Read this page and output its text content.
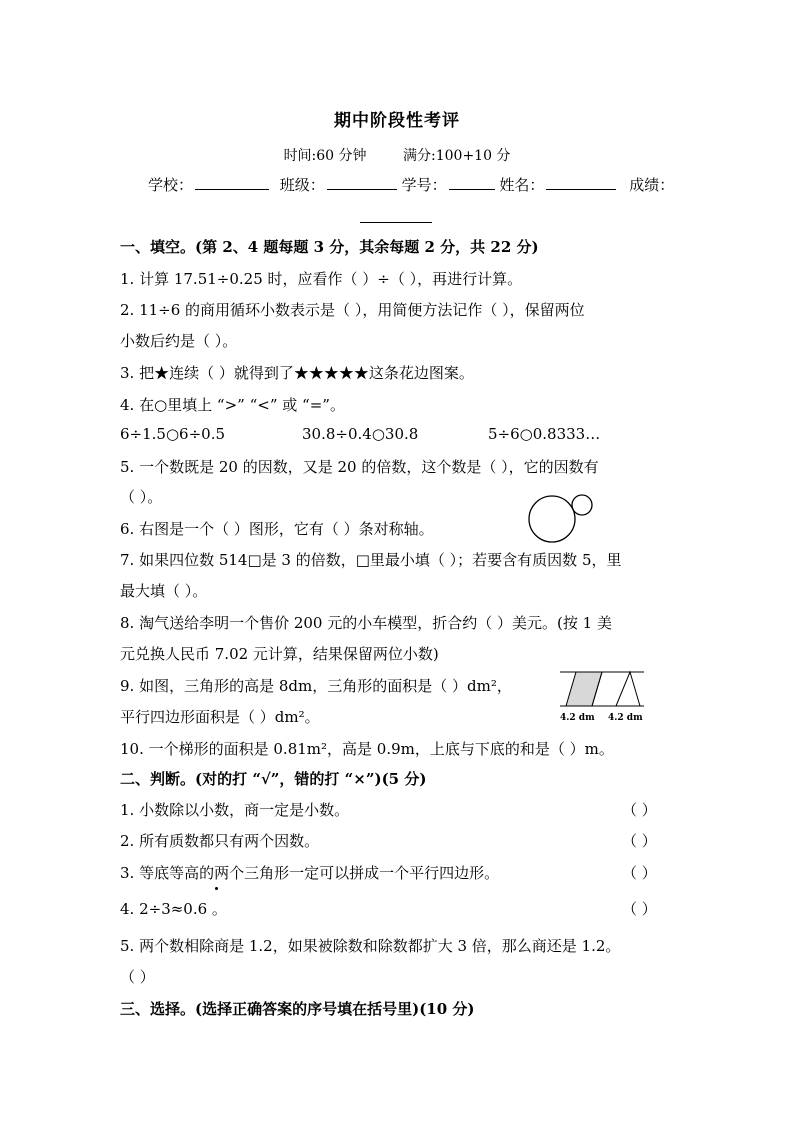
期中阶段性考评
时间:60 分钟	满分:100+10 分
学校：	班级：	学号：	姓名：	成绩：
一、填空。(第 2、4 题每题 3 分，其余每题 2 分，共 22 分)
1. 计算 17.51÷0.25 时，应看作（ ）÷（ ），再进行计算。
2. 11÷6 的商用循环小数表示是（ ），用简便方法记作（ ），保留两位
小数后约是（ ）。
3. 把★连续（ ）就得到了★★★★★这条花边图案。
4. 在○里填上 “>” “<” 或 “=”。
6÷1.5○6÷0.5	30.8÷0.4○30.8	5÷6○0.8333…
5. 一个数既是 20 的因数，又是 20 的倍数，这个数是（ ），它的因数有
（ ）。
6. 右图是一个（ ）图形，它有（ ）条对称轴。
7. 如果四位数 514□是 3 的倍数，□里最小填（ ）；若要含有质因数 5，里
最大填（ ）。
8. 淘气送给李明一个售价 200 元的小车模型，折合约（ ）美元。(按 1 美
元兑换人民币 7.02 元计算，结果保留两位小数)
9. 如图，三角形的高是 8dm，三角形的面积是（ ）dm²，
平行四边形面积是（ ）dm²。	4.2 dm 4.2 dm
10. 一个梯形的面积是 0.81m²，高是 0.9m，上底与下底的和是（ ）m。
二、判断。(对的打 “√”，错的打 “×”)(5 分)
1. 小数除以小数，商一定是小数。	（ ）
2. 所有质数都只有两个因数。	（ ）
3. 等底等高的两个三角形一定可以拼成一个平行四边形。	（ ）
4. 2÷3≈0.6 。	（ ）
5. 两个数相除商是 1.2，如果被除数和除数都扩大 3 倍，那么商还是 1.2。
（ ）
三、选择。(选择正确答案的序号填在括号里)(10 分)
